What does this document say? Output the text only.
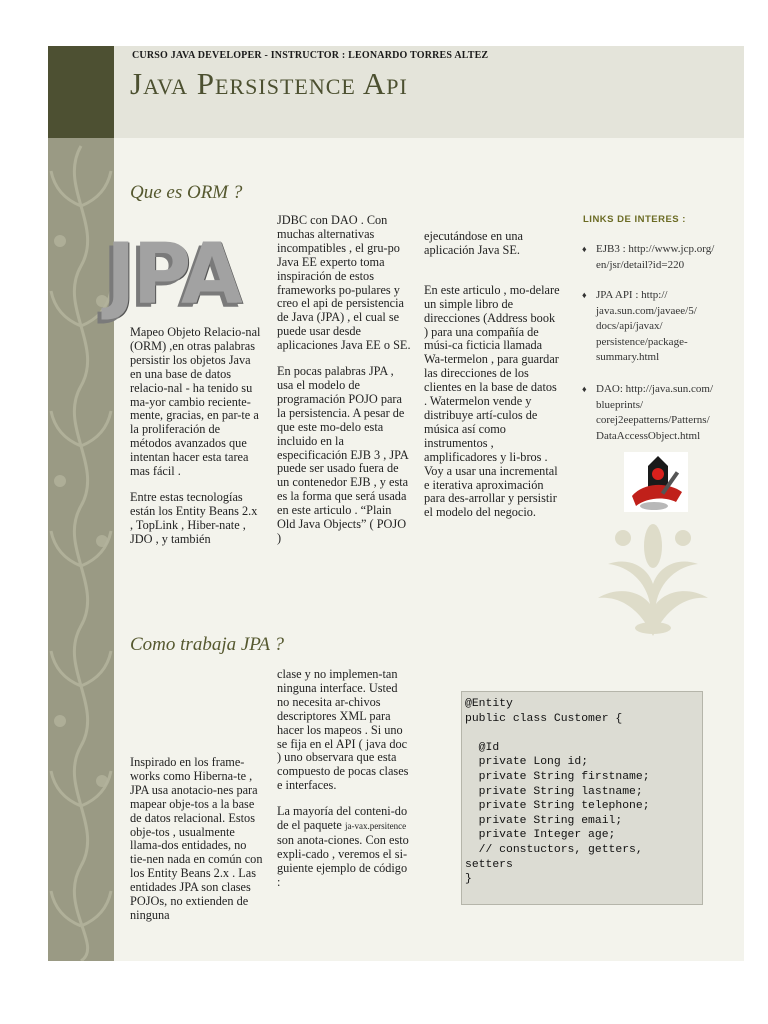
CURSO JAVA DEVELOPER - INSTRUCTOR : LEONARDO TORRES ALTEZ
Java Persistence Api
Que es ORM ?
JPA

Mapeo Objeto Relacio-nal (ORM) ,en otras palabras persistir los objetos Java en una base de datos relacio-nal - ha tenido su ma-yor cambio reciente-mente, gracias, en par-te a la proliferación de métodos avanzados que intentan hacer esta tarea mas fácil .

Entre estas tecnologías están los Entity Beans 2.x , TopLink , Hiber-nate , JDO , y también

JDBC con DAO . Con muchas alternativas incompatibles , el gru-po Java EE experto toma inspiración de estos frameworks po-pulares y creo el api de persistencia de Java (JPA) , el cual se puede usar desde aplicaciones Java EE o SE.

En pocas palabras JPA , usa el modelo de programación POJO para la persistencia. A pesar de que este mo-delo esta incluido en la especificación EJB 3 , JPA puede ser usado fuera de un contenedor EJB , y esta es la forma que será usada en este articulo . “Plain Old Java Objects” ( POJO )

ejecutándose en una aplicación Java SE.

En este articulo , mo-delare un simple libro de direcciones (Address book ) para una compañía de músi-ca ficticia llamada Wa-termelon , para guardar las direcciones de los clientes en la base de datos . Watermelon vende y distribuye artí-culos de música así como instrumentos , amplificadores y li-bros . Voy a usar una incremental e iterativa aproximación para des-arrollar y persistir el modelo del negocio.

LINKS DE INTERES :
♦ EJB3 : http://www.jcp.org/ en/jsr/detail?id=220
♦ JPA API : http:// java.sun.com/javaee/5/ docs/api/javax/ persistence/package-summary.html
♦ DAO: http://java.sun.com/ blueprints/ corej2eepatterns/Patterns/ DataAccessObject.html
Como trabaja JPA ?

Inspirado en los frame-works como Hiberna-te , JPA usa anotacio-nes para mapear obje-tos a la base de datos relacional. Estos obje-tos , usualmente llama-dos entidades, no tie-nen nada en común con los Entity Beans 2.x . Las entidades JPA son clases POJOs, no extienden de ninguna

clase y no implemen-tan ninguna interface. Usted no necesita ar-chivos descriptores XML para hacer los mapeos . Si uno se fija en el API ( java doc ) uno observara que esta compuesto de pocas clases e interfaces.

La mayoría del conteni-do de el paquete ja-vax.persitence son anota-ciones. Con esto expli-cado , veremos el si-guiente ejemplo de código :

@Entity
public class Customer {

@Id
private Long id;
private String firstname;
private String lastname;
private String telephone;
private String email;
private Integer age;
// constuctors, getters,
setters
}
